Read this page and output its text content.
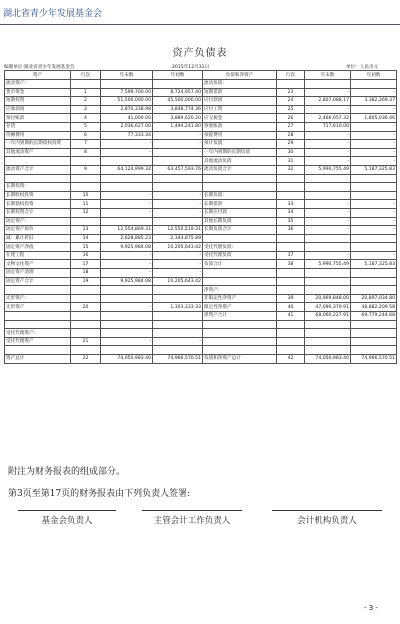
湖北省青少年发展基金会
资产负债表
编制单位:湖北省青少年发展基金会	2015年12月31日	单位：人民币元
资产	行次	年末数	年初数	负债和净资产	行次	年末数	年初数
流动资产:				流动负债:			
货币资金	1	7,599,700.00	8,724,957.40	短期借款	23	-	-
短期投资	2	51,500,000.00	45,500,000.00	应付款项	24	2,807,088.17	3,382,269.37
应收款项	3	2,870,338.98	3,848,774.36	应付工资	25	-	-
预付账款	4	41,000.00	3,889,620.20	应交税金	26	2,466,057.32	1,805,036.46
存货	5	2,036,627.00	1,494,241.80	预收账款	27	717,610.00	-
待摊费用	6	77,333.34	-	预提费用	28	-	-
一年内到期的长期债权投资	7	-	-	预计负债	29	-	-
其他流动资产	8	-	-	一年内到期的长期负债	30	-	-
				其他流动负债	31	-	-
流动资产合计	9	64,124,999.32	63,457,593.76	流动负债合计	32	5,990,755.49	5,187,325.83

长期投资:							
长期股权投资	10	-	-	长期负债:			
长期债权投资	11	-	-	长期借款	33	-	-
长期投资合计	12	-	-	长期应付款	34	-	-
固定资产:				其他长期负债	35	-	-
固定资产原价	13	12,554,869.31	12,550,519.31	长期负债合计	36	-	-
减：累计折旧	14	2,628,885.23	2,344,875.89				
固定资产净值	15	9,925,984.08	10,205,643.42	受托代理负债:			
在建工程	16	-	-	受托代理负债	37	-	-
文物文化资产	17	-	-	负债合计	38	5,990,755.49	5,187,325.83
固定资产清理	18	-	-				
固定资产合计	19	9,925,984.08	10,205,643.42				
				净资产:			
无形资产:				非限定性净资产	39	20,969,848.00	20,897,034.80
无形资产	20	-	1,303,333.33	限定性净资产	40	47,090,379.91	48,882,209.58
				净资产合计	41	68,060,227.91	69,779,244.68

受托代理资产:							
受托代理资产	21	-	-				

资产总计	22	74,050,983.40	74,966,570.51	负债和净资产总计	42	74,050,983.40	74,966,570.51
附注为财务报表的组成部分。
第3页至第17页的财务报表由下列负责人签署:
基金会负责人	主管会计工作负责人	会计机构负责人
- 3 -
